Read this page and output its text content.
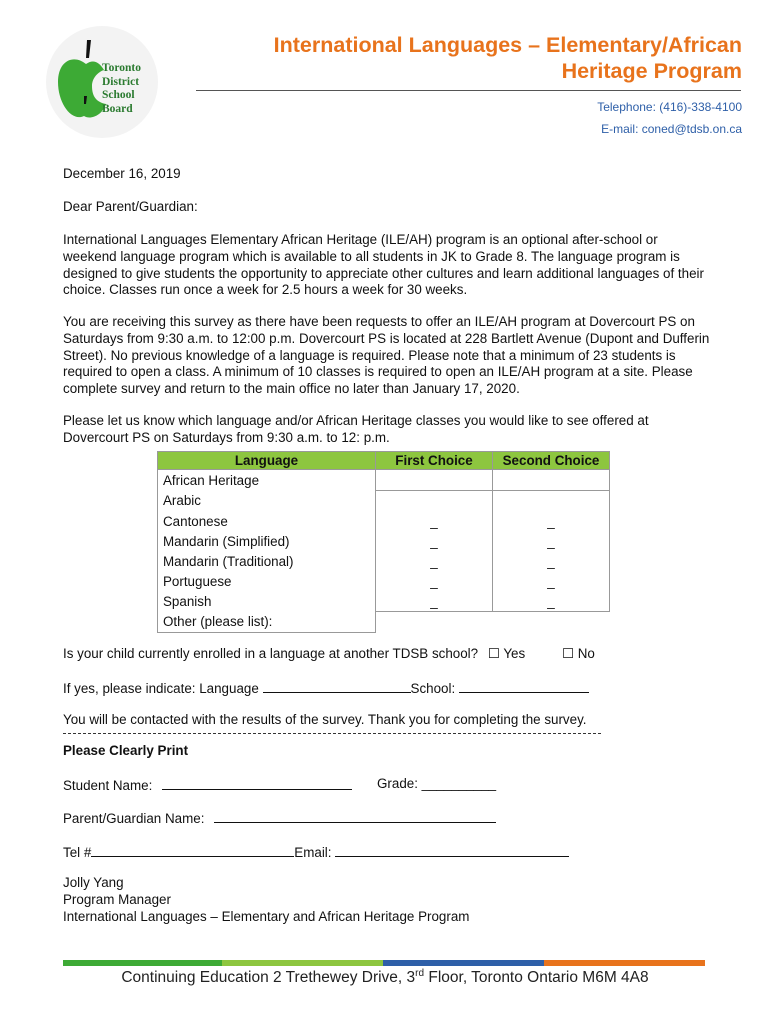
Toronto
District
School
Board
International Languages – Elementary/African
Heritage Program
Telephone: (416)-338-4100
E-mail: coned@tdsb.on.ca
December 16, 2019
Dear Parent/Guardian:
International Languages Elementary African Heritage (ILE/AH) program is an optional after-school or weekend language program which is available to all students in JK to Grade 8. The language program is designed to give students the opportunity to appreciate other cultures and learn additional languages of their choice. Classes run once a week for 2.5 hours a week for 30 weeks.
You are receiving this survey as there have been requests to offer an ILE/AH program at Dovercourt PS on Saturdays from 9:30 a.m. to 12:00 p.m. Dovercourt PS is located at 228 Bartlett Avenue (Dupont and Dufferin Street). No previous knowledge of a language is required. Please note that a minimum of 23 students is required to open a class. A minimum of 10 classes is required to open an ILE/AH program at a site. Please complete survey and return to the main office no later than January 17, 2020.
Please let us know which language and/or African Heritage classes you would like to see offered at Dovercourt PS on Saturdays from 9:30 a.m. to 12: p.m.
Language	First Choice	Second Choice
African Heritage		
Arabic		
Cantonese	_	_
Mandarin (Simplified)	_	_
Mandarin (Traditional)	_	_
Portuguese	_	_
Spanish	_	_
Other (please list):		
Is your child currently enrolled in a language at another TDSB school? ☐ Yes	☐ No
If yes, please indicate: Language	School:
You will be contacted with the results of the survey. Thank you for completing the survey.
Please Clearly Print
Student Name:	Grade: __________
Parent/Guardian Name:
Tel #	Email:
Jolly Yang
Program Manager
International Languages – Elementary and African Heritage Program
Continuing Education 2 Trethewey Drive, 3rd Floor, Toronto Ontario M6M 4A8
